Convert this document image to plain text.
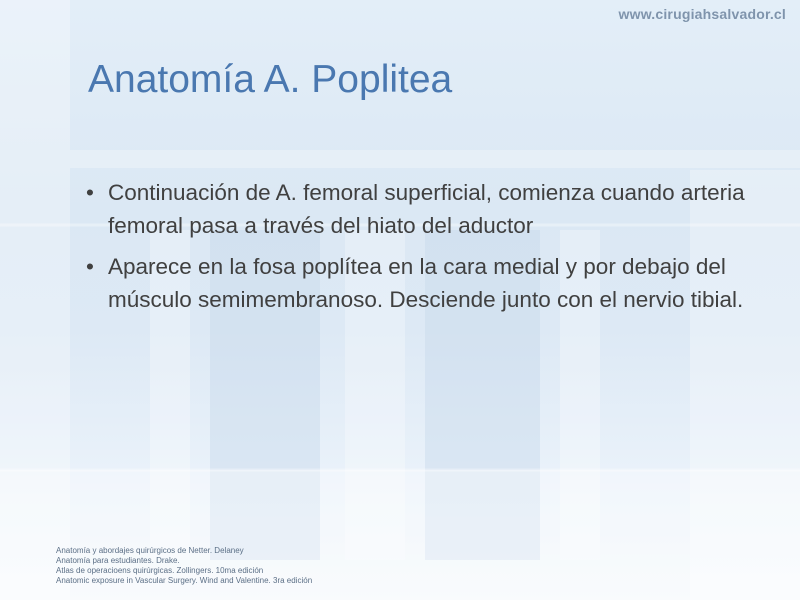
www.cirugiahsalvador.cl
Anatomía A. Poplitea
• Continuación de A. femoral superficial, comienza cuando arteria femoral pasa a través del hiato del aductor
• Aparece en la fosa poplítea en la cara medial y por debajo del músculo semimembranoso. Desciende junto con el nervio tibial.
Anatomía y abordajes quirúrgicos de Netter. Delaney
Anatomía para estudiantes. Drake.
Atlas de operacioens quirúrgicas. Zollingers. 10ma edición
Anatomic exposure in Vascular Surgery. Wind and Valentine. 3ra edición
